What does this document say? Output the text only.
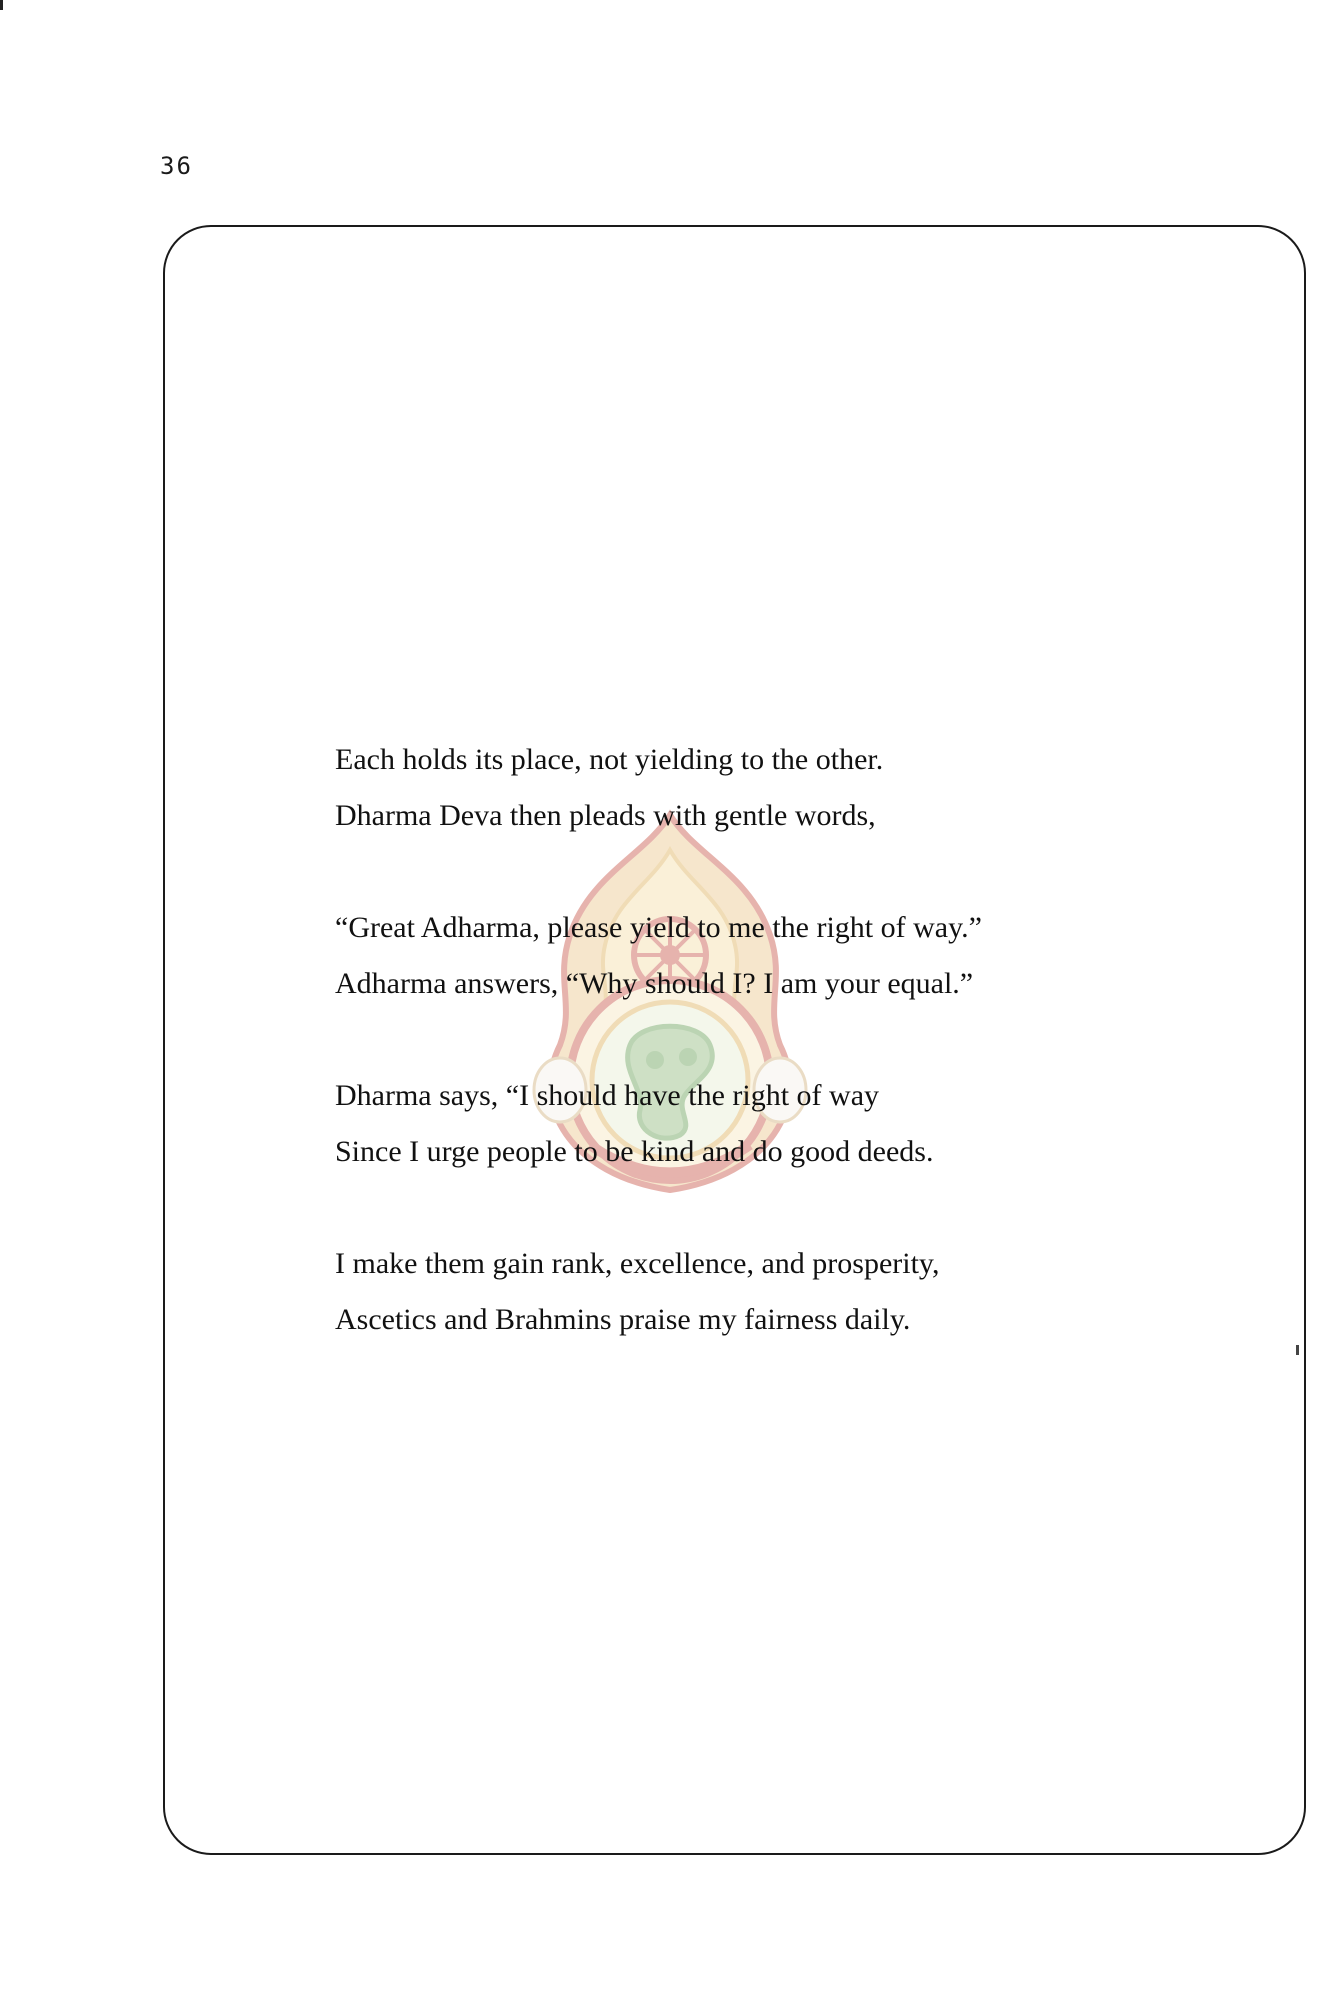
36
Each holds its place, not yielding to the other.
Dharma Deva then pleads with gentle words,
“Great Adharma, please yield to me the right of way.”
Adharma answers, “Why should I? I am your equal.”
Dharma says, “I should have the right of way
Since I urge people to be kind and do good deeds.
I make them gain rank, excellence, and prosperity,
Ascetics and Brahmins praise my fairness daily.
